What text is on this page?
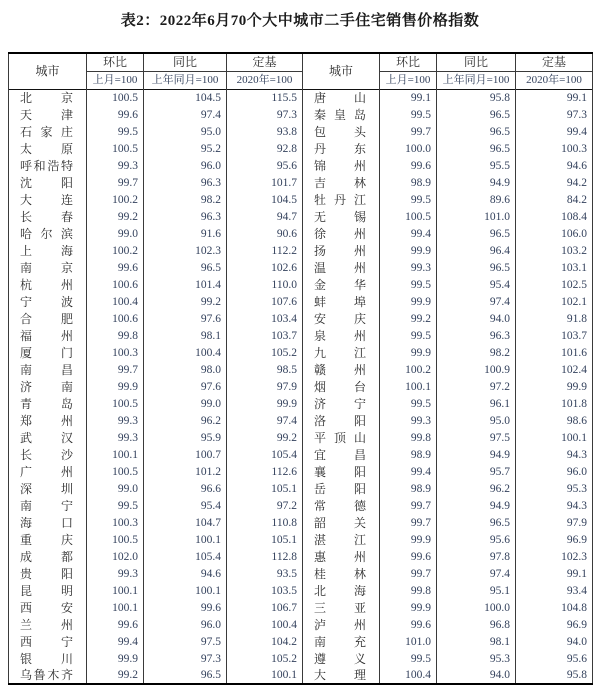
表2：2022年6月70个大中城市二手住宅销售价格指数
城市	环比	同比	定基	城市	环比	同比	定基
	上月=100	上年同月=100	2020年=100		上月=100	上年同月=100	2020年=100

北京	100.5	104.5	115.5	唐山	99.1	95.8	99.1

天津	99.6	97.4	97.3	秦皇岛	99.5	96.5	97.3

石家庄	99.5	95.0	93.8	包头	99.7	96.5	99.4

太原	100.5	95.2	92.8	丹东	100.0	96.5	100.3

呼和浩特	99.3	96.0	95.6	锦州	99.6	95.5	94.6

沈阳	99.7	96.3	101.7	吉林	98.9	94.9	94.2

大连	100.2	98.2	104.5	牡丹江	99.5	89.6	84.2

长春	99.2	96.3	94.7	无锡	100.5	101.0	108.4

哈尔滨	99.0	91.6	90.6	徐州	99.4	96.5	106.0

上海	100.2	102.3	112.2	扬州	99.9	96.4	103.2

南京	99.6	96.5	102.6	温州	99.3	96.5	103.1

杭州	100.6	101.4	110.0	金华	99.5	95.4	102.5

宁波	100.4	99.2	107.6	蚌埠	99.9	97.4	102.1

合肥	100.6	97.6	103.4	安庆	99.2	94.0	91.8

福州	99.8	98.1	103.7	泉州	99.5	96.3	103.7

厦门	100.3	100.4	105.2	九江	99.9	98.2	101.6

南昌	99.7	98.0	98.5	赣州	100.2	100.9	102.4

济南	99.9	97.6	97.9	烟台	100.1	97.2	99.9

青岛	100.5	99.0	99.9	济宁	99.5	96.1	101.8

郑州	99.3	96.2	97.4	洛阳	99.3	95.0	98.6

武汉	99.3	95.9	99.2	平顶山	99.8	97.5	100.1

长沙	100.1	100.7	105.4	宜昌	98.9	94.9	94.3

广州	100.5	101.2	112.6	襄阳	99.4	95.7	96.0

深圳	99.0	96.6	105.1	岳阳	98.9	96.2	95.3

南宁	99.5	95.4	97.2	常德	99.7	94.9	94.3

海口	100.3	104.7	110.8	韶关	99.7	96.5	97.9

重庆	100.5	100.1	105.1	湛江	99.9	95.6	96.9

成都	102.0	105.4	112.8	惠州	99.6	97.8	102.3

贵阳	99.3	94.6	93.5	桂林	99.7	97.4	99.1

昆明	100.1	100.1	103.5	北海	99.8	95.1	93.4

西安	100.1	99.6	106.7	三亚	99.9	100.0	104.8

兰州	99.6	96.0	100.4	泸州	99.6	96.8	96.9

西宁	99.4	97.5	104.2	南充	101.0	98.1	94.0

银川	99.9	97.3	105.2	遵义	99.5	95.3	95.6

乌鲁木齐	99.2	96.5	100.1	大理	100.4	94.0	95.8
